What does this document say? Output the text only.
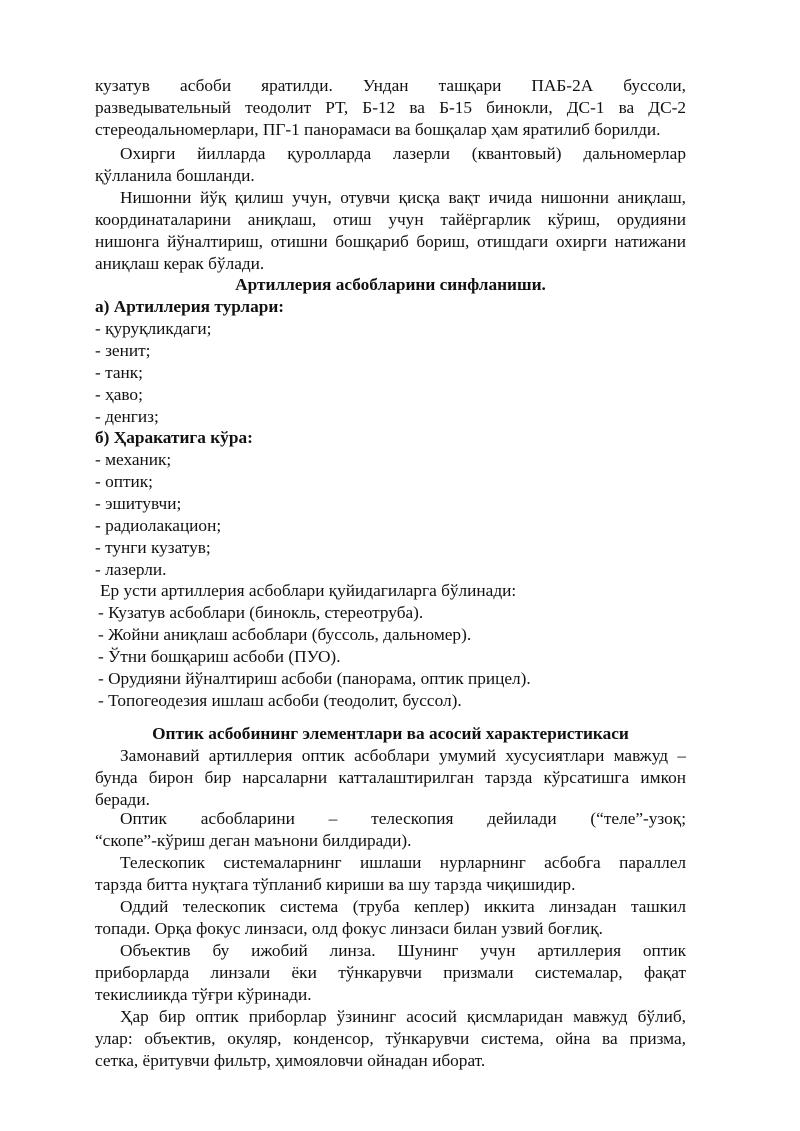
кузатув асбоби яратилди. Ундан ташқари ПАБ-2А буссоли,
разведывательный теодолит РТ, Б-12 ва Б-15 бинокли, ДС-1 ва ДС-2
стереодальномерлари, ПГ-1 панорамаси ва бошқалар ҳам яратилиб борилди.
Охирги йилларда қуролларда лазерли (квантовый) дальномерлар
қўлланила бошланди.
Нишонни йўқ қилиш учун, отувчи қисқа вақт ичида нишонни аниқлаш,
координаталарини аниқлаш, отиш учун тайёргарлик кўриш, орудияни
нишонга йўналтириш, отишни бошқариб бориш, отишдаги охирги натижани
аниқлаш керак бўлади.
Артиллерия асбобларини синфланиши.
а) Артиллерия турлари:
- қуруқликдаги;
- зенит;
- танк;
- ҳаво;
- денгиз;
б) Ҳаракатига кўра:
- механик;
- оптик;
- эшитувчи;
- радиолакацион;
- тунги кузатув;
- лазерли.
Ер усти артиллерия асбоблари қуйидагиларга бўлинади:
- Кузатув асбоблари (бинокль, стереотруба).
- Жойни аниқлаш асбоблари (буссоль, дальномер).
- Ўтни бошқариш асбоби (ПУО).
- Орудияни йўналтириш асбоби (панорама, оптик прицел).
- Топогеодезия ишлаш асбоби (теодолит, буссол).
Оптик асбобининг элементлари ва асосий характеристикаси
Замонавий артиллерия оптик асбоблари умумий хусусиятлари мавжуд –
бунда бирон бир нарсаларни катталаштирилган тарзда кўрсатишга имкон
беради.
Оптик асбобларини – телескопия дейилади (“теле”-узоқ;
“скопе”-кўриш деган маънони билдиради).
Телескопик системаларнинг ишлаши нурларнинг асбобга параллел
тарзда битта нуқтага тўпланиб кириши ва шу тарзда чиқишидир.
Оддий телескопик система (труба кеплер) иккита линзадан ташкил
топади. Орқа фокус линзаси, олд фокус линзаси билан узвий боғлиқ.
Объектив бу ижобий линза. Шунинг учун артиллерия оптик
приборларда линзали ёки тўнкарувчи призмали системалар, фақат
текислиикда тўғри кўринади.
Ҳар бир оптик приборлар ўзининг асосий қисмларидан мавжуд бўлиб,
улар: объектив, окуляр, конденсор, тўнкарувчи система, ойна ва призма,
сетка, ёритувчи фильтр, ҳимояловчи ойнадан иборат.
